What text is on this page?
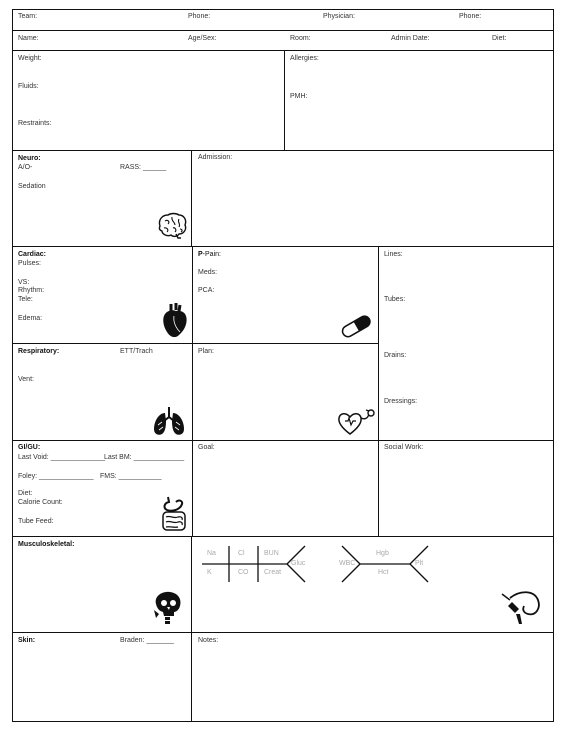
Team:	Phone:	Physician:	Phone:
Name:	Age/Sex:	Room:	Admin Date:	Diet:
Weight:
Fluids:
Restraints:
Allergies:
PMH:
Neuro:
A/O-	RASS: ______
Sedation
Admission:
Cardiac:
Pulses:
VS:
Rhythm:
Tele:
Edema:
P-Pain:
Meds:
PCA:
Lines:
Tubes:
Drains:
Dressings:
Respiratory:	ETT/Trach
Vent:
Plan:
GI/GU:
Last Void: ______________
Last BM: _____________
Foley: ______________ FMS: ___________
Diet:
Calorie Count:
Tube Feed:
Goal:	Social Work:
Musculoskeletal:
Na	Cl	BUN
Gluc
K	CO Creat
WBC
Hgb
Hct
Plt
Skin:	Braden: _______	Notes:
